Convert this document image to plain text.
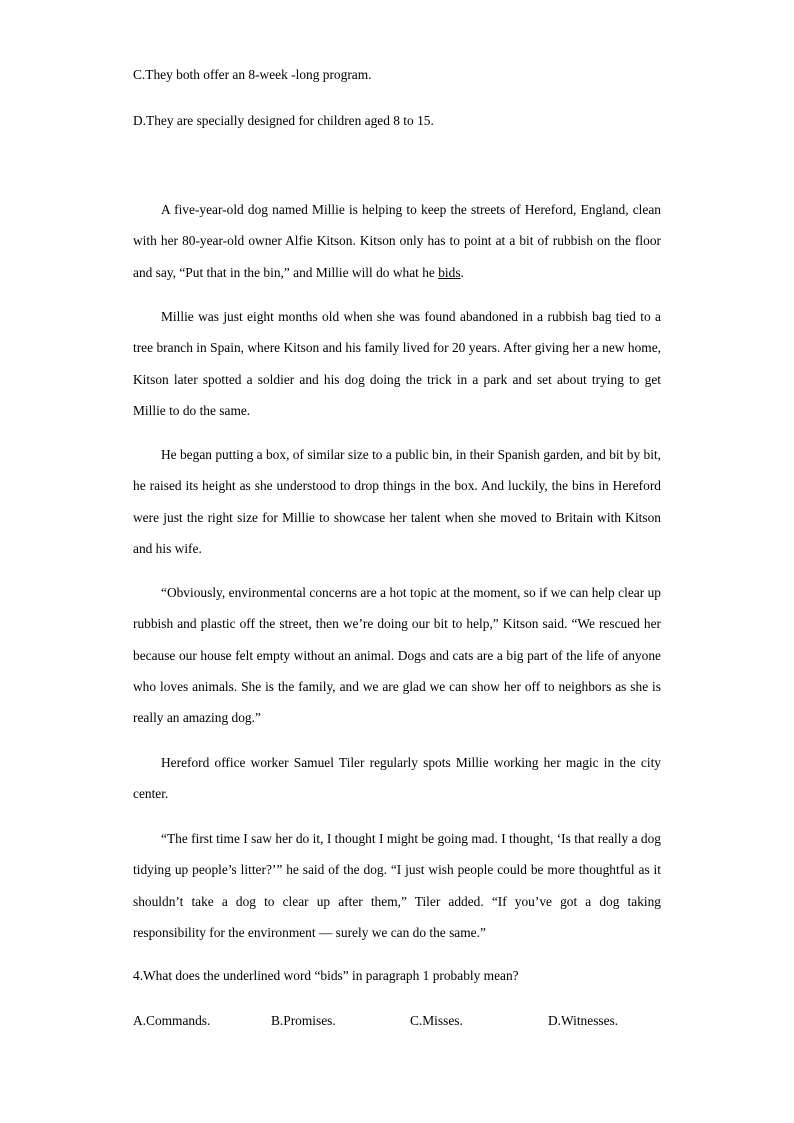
C.They both offer an 8-week -long program.
D.They are specially designed for children aged 8 to 15.

A five-year-old dog named Millie is helping to keep the streets of Hereford, England, clean with her 80-year-old owner Alfie Kitson. Kitson only has to point at a bit of rubbish on the floor and say, “Put that in the bin,” and Millie will do what he bids.

Millie was just eight months old when she was found abandoned in a rubbish bag tied to a tree branch in Spain, where Kitson and his family lived for 20 years. After giving her a new home, Kitson later spotted a soldier and his dog doing the trick in a park and set about trying to get Millie to do the same.

He began putting a box, of similar size to a public bin, in their Spanish garden, and bit by bit, he raised its height as she understood to drop things in the box. And luckily, the bins in Hereford were just the right size for Millie to showcase her talent when she moved to Britain with Kitson and his wife.

“Obviously, environmental concerns are a hot topic at the moment, so if we can help clear up rubbish and plastic off the street, then we’re doing our bit to help,” Kitson said. “We rescued her because our house felt empty without an animal. Dogs and cats are a big part of the life of anyone who loves animals. She is the family, and we are glad we can show her off to neighbors as she is really an amazing dog.”

Hereford office worker Samuel Tiler regularly spots Millie working her magic in the city center.

“The first time I saw her do it, I thought I might be going mad. I thought, ‘Is that really a dog tidying up people’s litter?’” he said of the dog. “I just wish people could be more thoughtful as it shouldn’t take a dog to clear up after them,” Tiler added. “If you’ve got a dog taking responsibility for the environment — surely we can do the same.”

4.What does the underlined word “bids” in paragraph 1 probably mean?
A.Commands.	B.Promises.	C.Misses.	D.Witnesses.
